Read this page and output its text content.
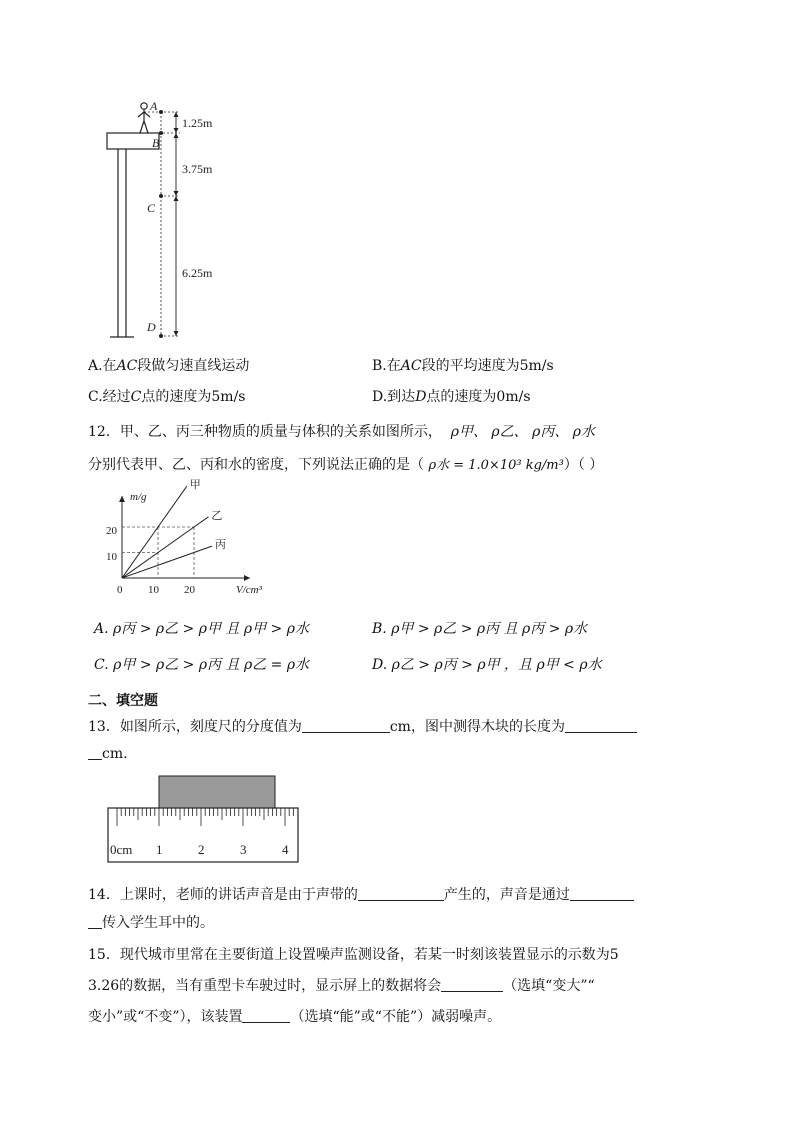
A
B
C
D
1.25m
3.75m
6.25m
A.在AC段做匀速直线运动	B.在AC段的平均速度为5m/s
C.经过C点的速度为5m/s	D.到达D点的速度为0m/s
12．甲、乙、丙三种物质的质量与体积的关系如图所示， ρ甲、 ρ乙、 ρ丙、 ρ水
分别代表甲、乙、丙和水的密度，下列说法正确的是（ ρ水 = 1.0×10³ kg/m³）（ ）
甲
乙
丙
m/g
V/cm³
0 10 20
10
20
A. ρ丙 > ρ乙 > ρ甲 且 ρ甲 > ρ水	B. ρ甲 > ρ乙 > ρ丙 且 ρ丙 > ρ水
C. ρ甲 > ρ乙 > ρ丙 且 ρ乙 = ρ水	D. ρ乙 > ρ丙 > ρ甲 ，且 ρ甲 < ρ水
二、填空题
13．如图所示，刻度尺的分度值为	cm，图中测得木块的长度为
cm.
0cm 1	2	3	4
14．上课时，老师的讲话声音是由于声带的	产生的，声音是通过
传入学生耳中的。
15．现代城市里常在主要街道上设置噪声监测设备，若某一时刻该装置显示的示数为5
3.26的数据，当有重型卡车驶过时，显示屏上的数据将会	（选填“变大”“
变小”或“不变”），该装置	（选填“能”或“不能”）减弱噪声。
